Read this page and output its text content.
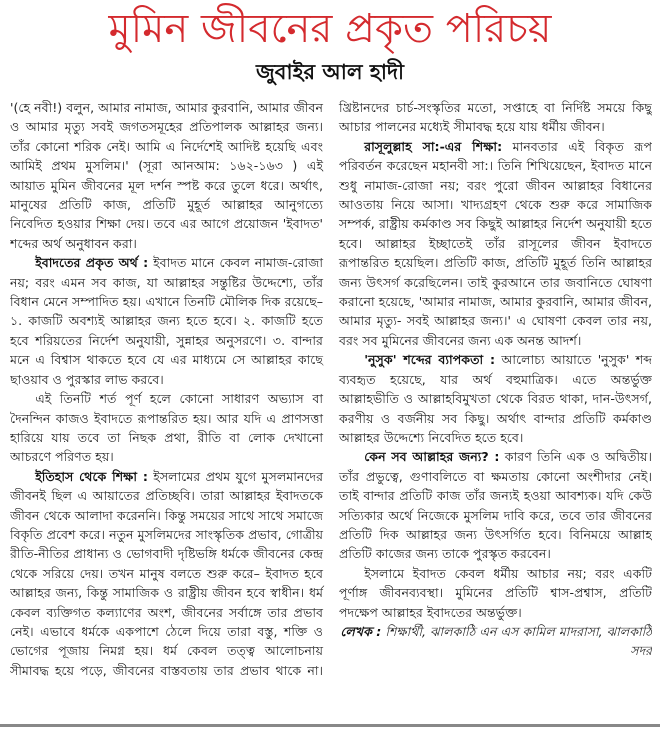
মুমিন জীবনের প্রকৃত পরিচয়
জুবাইর আল হাদী

'(হে নবী!) বলুন, আমার নামাজ, আমার কুরবানি, আমার জীবন ও আমার মৃত্যু সবই জগতসমূহের প্রতিপালক আল্লাহর জন্য। তাঁর কোনো শরিক নেই। আমি এ নির্দেশেই আদিষ্ট হয়েছি এবং আমিই প্রথম মুসলিম।' (সূরা আনআম: ১৬২-১৬৩ ) এই আয়াত মুমিন জীবনের মূল দর্শন স্পষ্ট করে তুলে ধরে। অর্থাৎ, মানুষের প্রতিটি কাজ, প্রতিটি মুহূর্ত আল্লাহর আনুগত্যে নিবেদিত হওয়ার শিক্ষা দেয়। তবে এর আগে প্রয়োজন 'ইবাদত' শব্দের অর্থ অনুধাবন করা।

ইবাদতের প্রকৃত অর্থ : ইবাদত মানে কেবল নামাজ-রোজা নয়; বরং এমন সব কাজ, যা আল্লাহর সন্তুষ্টির উদ্দেশ্যে, তাঁর বিধান মেনে সম্পাদিত হয়। এখানে তিনটি মৌলিক দিক রয়েছে– ১. কাজটি অবশ্যই আল্লাহর জন্য হতে হবে। ২. কাজটি হতে হবে শরিয়তের নির্দেশ অনুযায়ী, সুন্নাহর অনুসরণে। ৩. বান্দার মনে এ বিশ্বাস থাকতে হবে যে এর মাধ্যমে সে আল্লাহর কাছে ছাওয়াব ও পুরস্কার লাভ করবে।

এই তিনটি শর্ত পূর্ণ হলে কোনো সাধারণ অভ্যাস বা দৈনন্দিন কাজও ইবাদতে রূপান্তরিত হয়। আর যদি এ প্রাণসত্তা হারিয়ে যায় তবে তা নিছক প্রথা, রীতি বা লোক দেখানো আচরণে পরিণত হয়।

ইতিহাস থেকে শিক্ষা : ইসলামের প্রথম যুগে মুসলমানদের জীবনই ছিল এ আয়াতের প্রতিচ্ছবি। তারা আল্লাহর ইবাদতকে জীবন থেকে আলাদা করেননি। কিন্তু সময়ের সাথে সাথে সমাজে বিকৃতি প্রবেশ করে। নতুন মুসলিমদের সাংস্কৃতিক প্রভাব, গোত্রীয় রীতি-নীতির প্রাধান্য ও ভোগবাদী দৃষ্টিভঙ্গি ধর্মকে জীবনের কেন্দ্র থেকে সরিয়ে দেয়। তখন মানুষ বলতে শুরু করে– ইবাদত হবে আল্লাহর জন্য, কিন্তু সামাজিক ও রাষ্ট্রীয় জীবন হবে স্বাধীন। ধর্ম কেবল ব্যক্তিগত কল্যাণের অংশ, জীবনের সর্বাঙ্গে তার প্রভাব নেই। এভাবে ধর্মকে একপাশে ঠেলে দিয়ে তারা বস্তু, শক্তি ও ভোগের পূজায় নিমগ্ন হয়। ধর্ম কেবল তত্ত্ব আলোচনায় সীমাবদ্ধ হয়ে পড়ে, জীবনের বাস্তবতায় তার প্রভাব থাকে না। খ্রিষ্টানদের চার্চ-সংস্কৃতির মতো, সপ্তাহে বা নির্দিষ্ট সময়ে কিছু আচার পালনের মধ্যেই সীমাবদ্ধ হয়ে যায় ধর্মীয় জীবন।

রাসূলুল্লাহ সা:-এর শিক্ষা: মানবতার এই বিকৃত রূপ পরিবর্তন করেছেন মহানবী সা:। তিনি শিখিয়েছেন, ইবাদত মানে শুধু নামাজ-রোজা নয়; বরং পুরো জীবন আল্লাহর বিধানের আওতায় নিয়ে আসা। খাদ্যগ্রহণ থেকে শুরু করে সামাজিক সম্পর্ক, রাষ্ট্রীয় কর্মকাণ্ড সব কিছুই আল্লাহর নির্দেশ অনুযায়ী হতে হবে। আল্লাহর ইচ্ছাতেই তাঁর রাসূলের জীবন ইবাদতে রূপান্তরিত হয়েছিল। প্রতিটি কাজ, প্রতিটি মুহূর্ত তিনি আল্লাহর জন্য উৎসর্গ করেছিলেন। তাই কুরআনে তার জবানিতে ঘোষণা করানো হয়েছে, 'আমার নামাজ, আমার কুরবানি, আমার জীবন, আমার মৃত্যু- সবই আল্লাহর জন্য।' এ ঘোষণা কেবল তার নয়, বরং সব মুমিনের জীবনের জন্য এক অনন্ত আদর্শ।

'নুসুক' শব্দের ব্যাপকতা : আলোচ্য আয়াতে 'নুসুক' শব্দ ব্যবহৃত হয়েছে, যার অর্থ বহুমাত্রিক। এতে অন্তর্ভুক্ত আল্লাহভীতি ও আল্লাহবিমুখতা থেকে বিরত থাকা, দান-উৎসর্গ, করণীয় ও বর্জনীয় সব কিছু। অর্থাৎ বান্দার প্রতিটি কর্মকাণ্ড আল্লাহর উদ্দেশ্যে নিবেদিত হতে হবে।

কেন সব আল্লাহর জন্য? : কারণ তিনি এক ও অদ্বিতীয়। তাঁর প্রভুত্বে, গুণাবলিতে বা ক্ষমতায় কোনো অংশীদার নেই। তাই বান্দার প্রতিটি কাজ তাঁর জন্যই হওয়া আবশ্যক। যদি কেউ সত্যিকার অর্থে নিজেকে মুসলিম দাবি করে, তবে তার জীবনের প্রতিটি দিক আল্লাহর জন্য উৎসর্গিত হবে। বিনিময়ে আল্লাহ প্রতিটি কাজের জন্য তাকে পুরস্কৃত করবেন।

ইসলামে ইবাদত কেবল ধর্মীয় আচার নয়; বরং একটি পূর্ণাঙ্গ জীবনব্যবস্থা। মুমিনের প্রতিটি শ্বাস-প্রশ্বাস, প্রতিটি পদক্ষেপ আল্লাহর ইবাদতের অন্তর্ভুক্ত।

লেখক : শিক্ষার্থী, ঝালকাঠি এন এস কামিল মাদরাসা, ঝালকাঠি সদর
